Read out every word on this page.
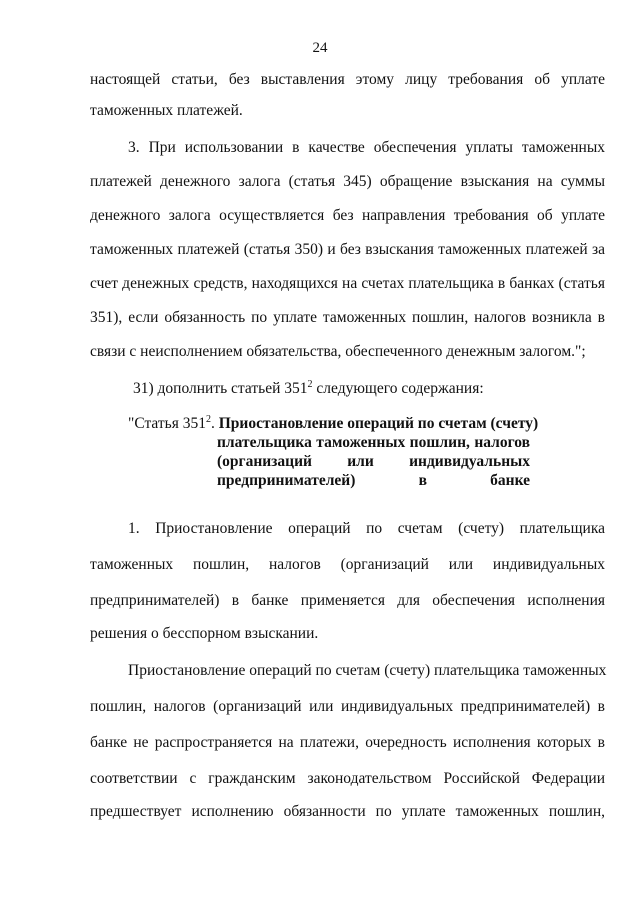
24
настоящей статьи, без выставления этому лицу требования об уплате
таможенных платежей.
3. При использовании в качестве обеспечения уплаты таможенных
платежей денежного залога (статья 345) обращение взыскания на суммы
денежного залога осуществляется без направления требования об уплате
таможенных платежей (статья 350) и без взыскания таможенных платежей за
счет денежных средств, находящихся на счетах плательщика в банках (статья
351), если обязанность по уплате таможенных пошлин, налогов возникла в
связи с неисполнением обязательства, обеспеченного денежным залогом.";
31) дополнить статьей $351^2$ следующего содержания:
"Статья $351^2$. Приостановление операций по счетам (счету)
плательщика таможенных пошлин, налогов
(организаций или индивидуальных
предпринимателей) в банке
1. Приостановление операций по счетам (счету) плательщика
таможенных пошлин, налогов (организаций или индивидуальных
предпринимателей) в банке применяется для обеспечения исполнения
решения о бесспорном взыскании.
Приостановление операций по счетам (счету) плательщика таможенных
пошлин, налогов (организаций или индивидуальных предпринимателей) в
банке не распространяется на платежи, очередность исполнения которых в
соответствии с гражданским законодательством Российской Федерации
предшествует исполнению обязанности по уплате таможенных пошлин,
